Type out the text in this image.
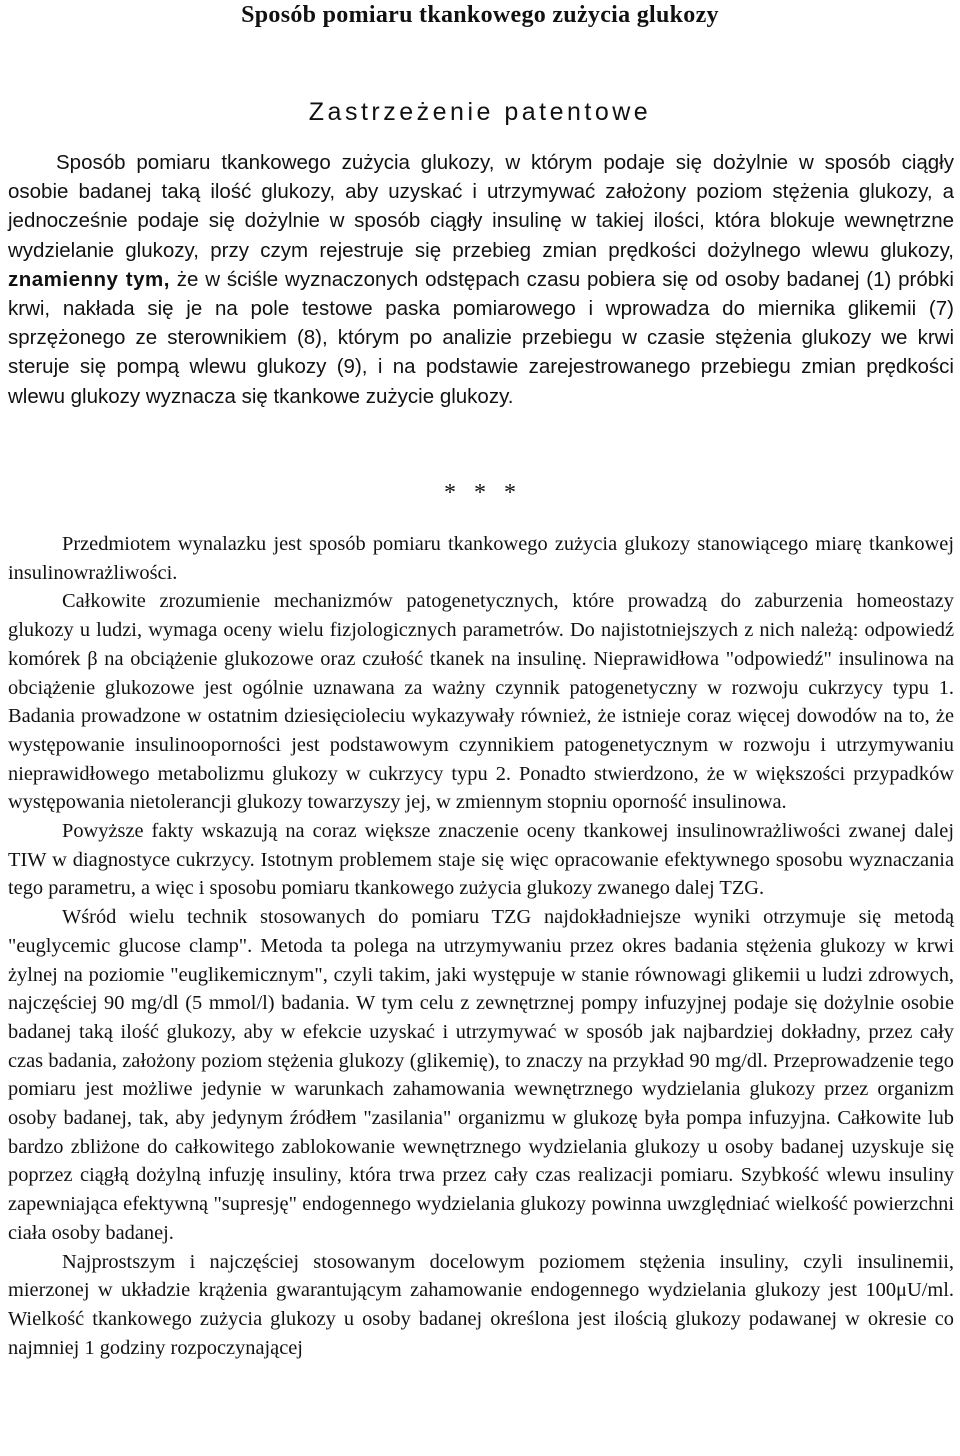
Sposób pomiaru tkankowego zużycia glukozy
Zastrzeżenie patentowe

Sposób pomiaru tkankowego zużycia glukozy, w którym podaje się dożylnie w sposób ciągły osobie badanej taką ilość glukozy, aby uzyskać i utrzymywać założony poziom stężenia glukozy, a jednocześnie podaje się dożylnie w sposób ciągły insulinę w takiej ilości, która blokuje wewnętrzne wydzielanie glukozy, przy czym rejestruje się przebieg zmian prędkości dożylnego wlewu glukozy, znamienny tym, że w ściśle wyznaczonych odstępach czasu pobiera się od osoby badanej (1) próbki krwi, nakłada się je na pole testowe paska pomiarowego i wprowadza do miernika glikemii (7) sprzężonego ze sterownikiem (8), którym po analizie przebiegu w czasie stężenia glukozy we krwi steruje się pompą wlewu glukozy (9), i na podstawie zarejestrowanego przebiegu zmian prędkości wlewu glukozy wyznacza się tkankowe zużycie glukozy.

* * *

Przedmiotem wynalazku jest sposób pomiaru tkankowego zużycia glukozy stanowiącego miarę tkankowej insulinowrażliwości.

Całkowite zrozumienie mechanizmów patogenetycznych, które prowadzą do zaburzenia homeostazy glukozy u ludzi, wymaga oceny wielu fizjologicznych parametrów. Do najistotniejszych z nich należą: odpowiedź komórek β na obciążenie glukozowe oraz czułość tkanek na insulinę. Nieprawidłowa "odpowiedź" insulinowa na obciążenie glukozowe jest ogólnie uznawana za ważny czynnik patogenetyczny w rozwoju cukrzycy typu 1. Badania prowadzone w ostatnim dziesięcioleciu wykazywały również, że istnieje coraz więcej dowodów na to, że występowanie insulinooporności jest podstawowym czynnikiem patogenetycznym w rozwoju i utrzymywaniu nieprawidłowego metabolizmu glukozy w cukrzycy typu 2. Ponadto stwierdzono, że w większości przypadków występowania nietolerancji glukozy towarzyszy jej, w zmiennym stopniu oporność insulinowa.

Powyższe fakty wskazują na coraz większe znaczenie oceny tkankowej insulinowrażliwości zwanej dalej TIW w diagnostyce cukrzycy. Istotnym problemem staje się więc opracowanie efektywnego sposobu wyznaczania tego parametru, a więc i sposobu pomiaru tkankowego zużycia glukozy zwanego dalej TZG.

Wśród wielu technik stosowanych do pomiaru TZG najdokładniejsze wyniki otrzymuje się metodą "euglycemic glucose clamp". Metoda ta polega na utrzymywaniu przez okres badania stężenia glukozy w krwi żylnej na poziomie "euglikemicznym", czyli takim, jaki występuje w stanie równowagi glikemii u ludzi zdrowych, najczęściej 90 mg/dl (5 mmol/l) badania. W tym celu z zewnętrznej pompy infuzyjnej podaje się dożylnie osobie badanej taką ilość glukozy, aby w efekcie uzyskać i utrzymywać w sposób jak najbardziej dokładny, przez cały czas badania, założony poziom stężenia glukozy (glikemię), to znaczy na przykład 90 mg/dl. Przeprowadzenie tego pomiaru jest możliwe jedynie w warunkach zahamowania wewnętrznego wydzielania glukozy przez organizm osoby badanej, tak, aby jedynym źródłem "zasilania" organizmu w glukozę była pompa infuzyjna. Całkowite lub bardzo zbliżone do całkowitego zablokowanie wewnętrznego wydzielania glukozy u osoby badanej uzyskuje się poprzez ciągłą dożylną infuzję insuliny, która trwa przez cały czas realizacji pomiaru. Szybkość wlewu insuliny zapewniająca efektywną "supresję" endogennego wydzielania glukozy powinna uwzględniać wielkość powierzchni ciała osoby badanej.

Najprostszym i najczęściej stosowanym docelowym poziomem stężenia insuliny, czyli insulinemii, mierzonej w układzie krążenia gwarantującym zahamowanie endogennego wydzielania glukozy jest 100μU/ml. Wielkość tkankowego zużycia glukozy u osoby badanej określona jest ilością glukozy podawanej w okresie co najmniej 1 godziny rozpoczynającej
